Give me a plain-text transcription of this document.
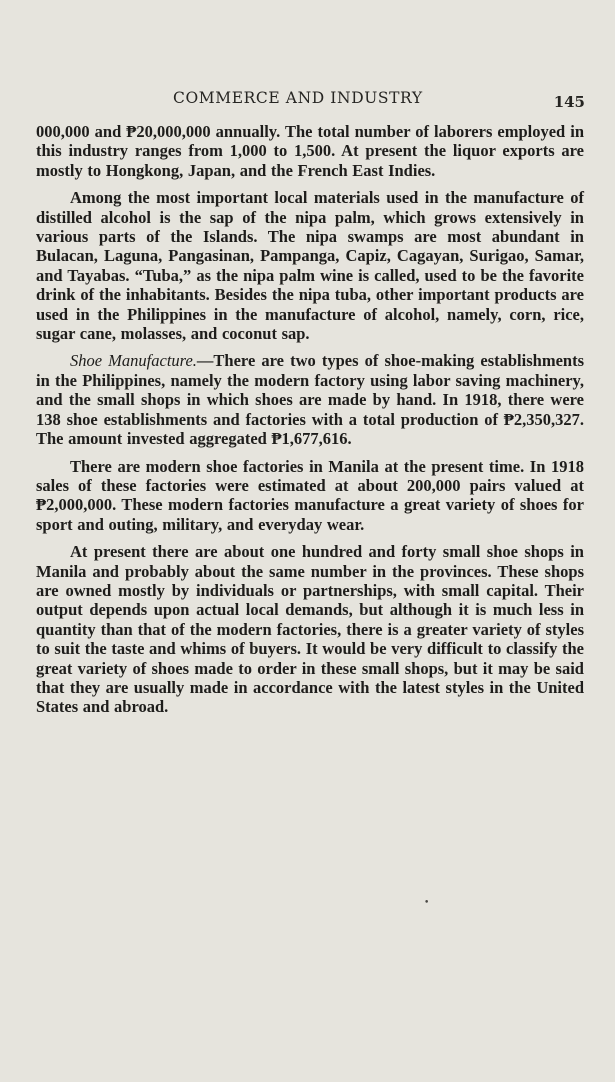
COMMERCE AND INDUSTRY	145

000,000 and ₱20,000,000 annually. The total number of laborers employed in this industry ranges from 1,000 to 1,500. At present the liquor exports are mostly to Hongkong, Japan, and the French East Indies.

Among the most important local materials used in the manufacture of distilled alcohol is the sap of the nipa palm, which grows extensively in various parts of the Islands. The nipa swamps are most abundant in Bulacan, Laguna, Pangasinan, Pampanga, Capiz, Cagayan, Surigao, Samar, and Tayabas. “Tuba,” as the nipa palm wine is called, used to be the favorite drink of the inhabitants. Besides the nipa tuba, other important products are used in the Philippines in the manufacture of alcohol, namely, corn, rice, sugar cane, molasses, and coconut sap.

Shoe Manufacture.—There are two types of shoe-making establishments in the Philippines, namely the modern factory using labor saving machinery, and the small shops in which shoes are made by hand. In 1918, there were 138 shoe establishments and factories with a total production of ₱2,350,327. The amount invested aggregated ₱1,677,616.

There are modern shoe factories in Manila at the present time. In 1918 sales of these factories were estimated at about 200,000 pairs valued at ₱2,000,000. These modern factories manufacture a great variety of shoes for sport and outing, military, and everyday wear.

At present there are about one hundred and forty small shoe shops in Manila and probably about the same number in the provinces. These shops are owned mostly by individuals or partnerships, with small capital. Their output depends upon actual local demands, but although it is much less in quantity than that of the modern factories, there is a greater variety of styles to suit the taste and whims of buyers. It would be very difficult to classify the great variety of shoes made to order in these small shops, but it may be said that they are usually made in accordance with the latest styles in the United States and abroad.

•
